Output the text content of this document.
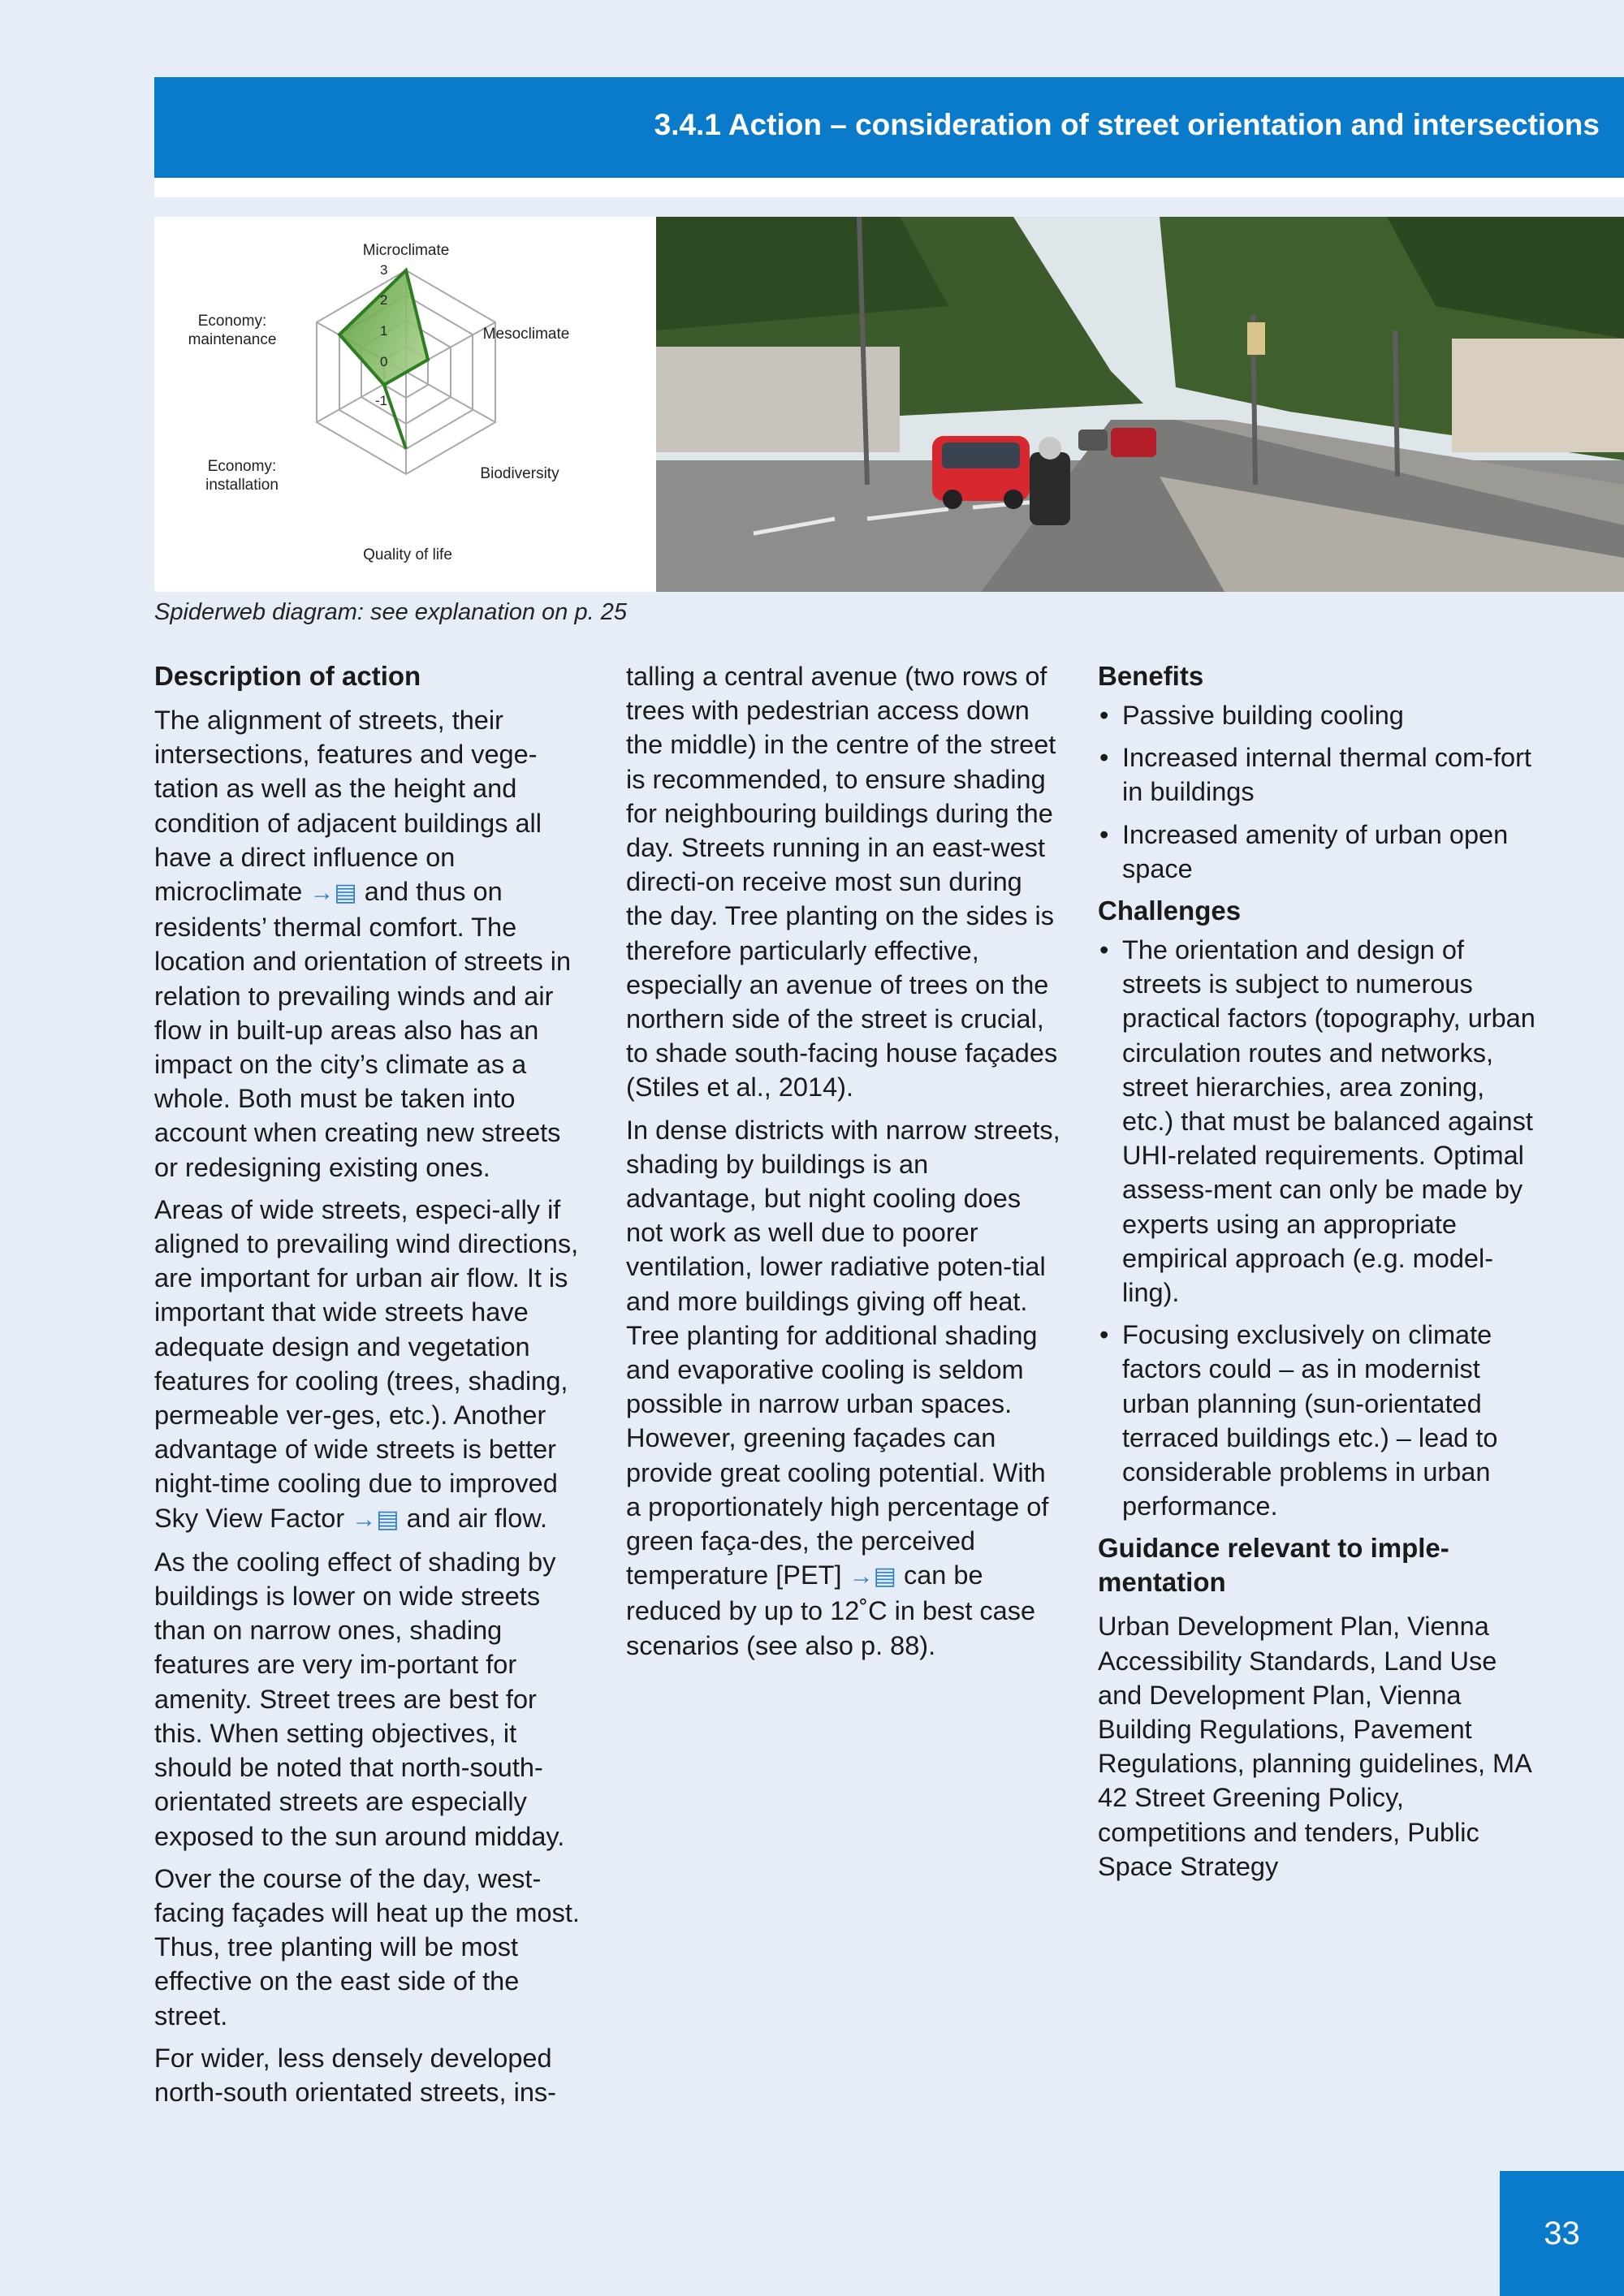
3.4.1 Action – consideration of street orientation and intersections
Microclimate
Mesoclimate
Biodiversity
Quality of life
Economy:
installation
Economy:
maintenance
3
2
1
0
-1
Spiderweb diagram: see explanation on p. 25
Description of action

The alignment of streets, their intersections, features and vege-tation as well as the height and condition of adjacent buildings all have a direct influence on microclimate →▤ and thus on residents’ thermal comfort. The location and orientation of streets in relation to prevailing winds and air flow in built-up areas also has an impact on the city’s climate as a whole. Both must be taken into account when creating new streets or redesigning existing ones.

Areas of wide streets, especi-ally if aligned to prevailing wind directions, are important for urban air flow. It is important that wide streets have adequate design and vegetation features for cooling (trees, shading, permeable ver-ges, etc.). Another advantage of wide streets is better night-time cooling due to improved Sky View Factor →▤ and air flow.

As the cooling effect of shading by buildings is lower on wide streets than on narrow ones, shading features are very im-portant for amenity. Street trees are best for this. When setting objectives, it should be noted that north-south-orientated streets are especially exposed to the sun around midday.

Over the course of the day, west-facing façades will heat up the most. Thus, tree planting will be most effective on the east side of the street.

For wider, less densely developed north-south orientated streets, ins-

talling a central avenue (two rows of trees with pedestrian access down the middle) in the centre of the street is recommended, to ensure shading for neighbouring buildings during the day. Streets running in an east-west directi-on receive most sun during the day. Tree planting on the sides is therefore particularly effective, especially an avenue of trees on the northern side of the street is crucial, to shade south-facing house façades (Stiles et al., 2014).

In dense districts with narrow streets, shading by buildings is an advantage, but night cooling does not work as well due to poorer ventilation, lower radiative poten-tial and more buildings giving off heat. Tree planting for additional shading and evaporative cooling is seldom possible in narrow urban spaces. However, greening façades can provide great cooling potential. With a proportionately high percentage of green faça-des, the perceived temperature [PET] →▤ can be reduced by up to 12˚C in best case scenarios (see also p. 88).

Benefits
• Passive building cooling
• Increased internal thermal com-fort in buildings
• Increased amenity of urban open space
Challenges
• The orientation and design of streets is subject to numerous practical factors (topography, urban circulation routes and networks, street hierarchies, area zoning, etc.) that must be balanced against UHI-related requirements. Optimal assess-ment can only be made by experts using an appropriate empirical approach (e.g. model-ling).
• Focusing exclusively on climate factors could – as in modernist urban planning (sun-orientated terraced buildings etc.) – lead to considerable problems in urban performance.
Guidance relevant to imple-mentation

Urban Development Plan, Vienna Accessibility Standards, Land Use and Development Plan, Vienna Building Regulations, Pavement Regulations, planning guidelines, MA 42 Street Greening Policy, competitions and tenders, Public Space Strategy

33
